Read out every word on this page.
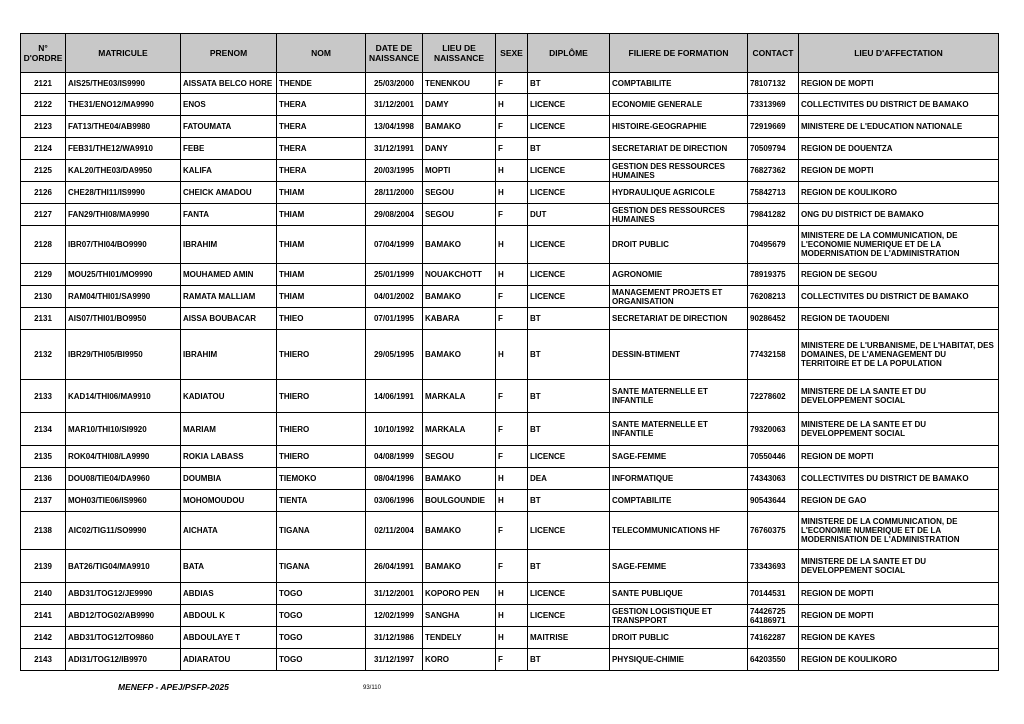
N° D'ORDRE	MATRICULE	PRENOM	NOM	DATE DE NAISSANCE	LIEU DE NAISSANCE	SEXE	DIPLÔME	FILIERE DE FORMATION	CONTACT	LIEU D'AFFECTATION
2121	AIS25/THE03/IS9990	AISSATA BELCO HORE	THENDE	25/03/2000	TENENKOU	F	BT	COMPTABILITE	78107132	REGION DE MOPTI
2122	THE31/ENO12/MA9990	ENOS	THERA	31/12/2001	DAMY	H	LICENCE	ECONOMIE GENERALE	73313969	COLLECTIVITES DU DISTRICT DE BAMAKO
2123	FAT13/THE04/AB9980	FATOUMATA	THERA	13/04/1998	BAMAKO	F	LICENCE	HISTOIRE-GEOGRAPHIE	72919669	MINISTERE DE L'EDUCATION NATIONALE
2124	FEB31/THE12/WA9910	FEBE	THERA	31/12/1991	DANY	F	BT	SECRETARIAT DE DIRECTION	70509794	REGION DE DOUENTZA
2125	KAL20/THE03/DA9950	KALIFA	THERA	20/03/1995	MOPTI	H	LICENCE	GESTION DES RESSOURCES HUMAINES	76827362	REGION DE MOPTI
2126	CHE28/THI11/IS9990	CHEICK AMADOU	THIAM	28/11/2000	SEGOU	H	LICENCE	HYDRAULIQUE AGRICOLE	75842713	REGION DE KOULIKORO
2127	FAN29/THI08/MA9990	FANTA	THIAM	29/08/2004	SEGOU	F	DUT	GESTION DES RESSOURCES HUMAINES	79841282	ONG DU DISTRICT DE BAMAKO
2128	IBR07/THI04/BO9990	IBRAHIM	THIAM	07/04/1999	BAMAKO	H	LICENCE	DROIT PUBLIC	70495679	MINISTERE DE LA COMMUNICATION, DE L'ECONOMIE NUMERIQUE ET DE LA MODERNISATION DE L'ADMINISTRATION
2129	MOU25/THI01/MO9990	MOUHAMED AMIN	THIAM	25/01/1999	NOUAKCHOTT	H	LICENCE	AGRONOMIE	78919375	REGION DE SEGOU
2130	RAM04/THI01/SA9990	RAMATA MALLIAM	THIAM	04/01/2002	BAMAKO	F	LICENCE	MANAGEMENT PROJETS ET ORGANISATION	76208213	COLLECTIVITES DU DISTRICT DE BAMAKO
2131	AIS07/THI01/BO9950	AISSA BOUBACAR	THIEO	07/01/1995	KABARA	F	BT	SECRETARIAT DE DIRECTION	90286452	REGION DE TAOUDENI
2132	IBR29/THI05/BI9950	IBRAHIM	THIERO	29/05/1995	BAMAKO	H	BT	DESSIN-BTIMENT	77432158	MINISTERE DE L'URBANISME, DE L'HABITAT, DES DOMAINES, DE L'AMENAGEMENT DU TERRITOIRE ET DE LA POPULATION
2133	KAD14/THI06/MA9910	KADIATOU	THIERO	14/06/1991	MARKALA	F	BT	SANTE MATERNELLE ET INFANTILE	72278602	MINISTERE DE LA SANTE ET DU DEVELOPPEMENT SOCIAL
2134	MAR10/THI10/SI9920	MARIAM	THIERO	10/10/1992	MARKALA	F	BT	SANTE MATERNELLE ET INFANTILE	79320063	MINISTERE DE LA SANTE ET DU DEVELOPPEMENT SOCIAL
2135	ROK04/THI08/LA9990	ROKIA LABASS	THIERO	04/08/1999	SEGOU	F	LICENCE	SAGE-FEMME	70550446	REGION DE MOPTI
2136	DOU08/TIE04/DA9960	DOUMBIA	TIEMOKO	08/04/1996	BAMAKO	H	DEA	INFORMATIQUE	74343063	COLLECTIVITES DU DISTRICT DE BAMAKO
2137	MOH03/TIE06/IS9960	MOHOMOUDOU	TIENTA	03/06/1996	BOULGOUNDIE	H	BT	COMPTABILITE	90543644	REGION DE GAO
2138	AIC02/TIG11/SO9990	AICHATA	TIGANA	02/11/2004	BAMAKO	F	LICENCE	TELECOMMUNICATIONS HF	76760375	MINISTERE DE LA COMMUNICATION, DE L'ECONOMIE NUMERIQUE ET DE LA MODERNISATION DE L'ADMINISTRATION
2139	BAT26/TIG04/MA9910	BATA	TIGANA	26/04/1991	BAMAKO	F	BT	SAGE-FEMME	73343693	MINISTERE DE LA SANTE ET DU DEVELOPPEMENT SOCIAL
2140	ABD31/TOG12/JE9990	ABDIAS	TOGO	31/12/2001	KOPORO PEN	H	LICENCE	SANTE PUBLIQUE	70144531	REGION DE MOPTI
2141	ABD12/TOG02/AB9990	ABDOUL K	TOGO	12/02/1999	SANGHA	H	LICENCE	GESTION LOGISTIQUE ET TRANSPPORT	74426725 64186971	REGION DE MOPTI
2142	ABD31/TOG12/TO9860	ABDOULAYE T	TOGO	31/12/1986	TENDELY	H	MAITRISE	DROIT PUBLIC	74162287	REGION DE KAYES
2143	ADI31/TOG12/IB9970	ADIARATOU	TOGO	31/12/1997	KORO	F	BT	PHYSIQUE-CHIMIE	64203550	REGION DE KOULIKORO
MENEFP - APEJ/PSFP-2025	93/110
